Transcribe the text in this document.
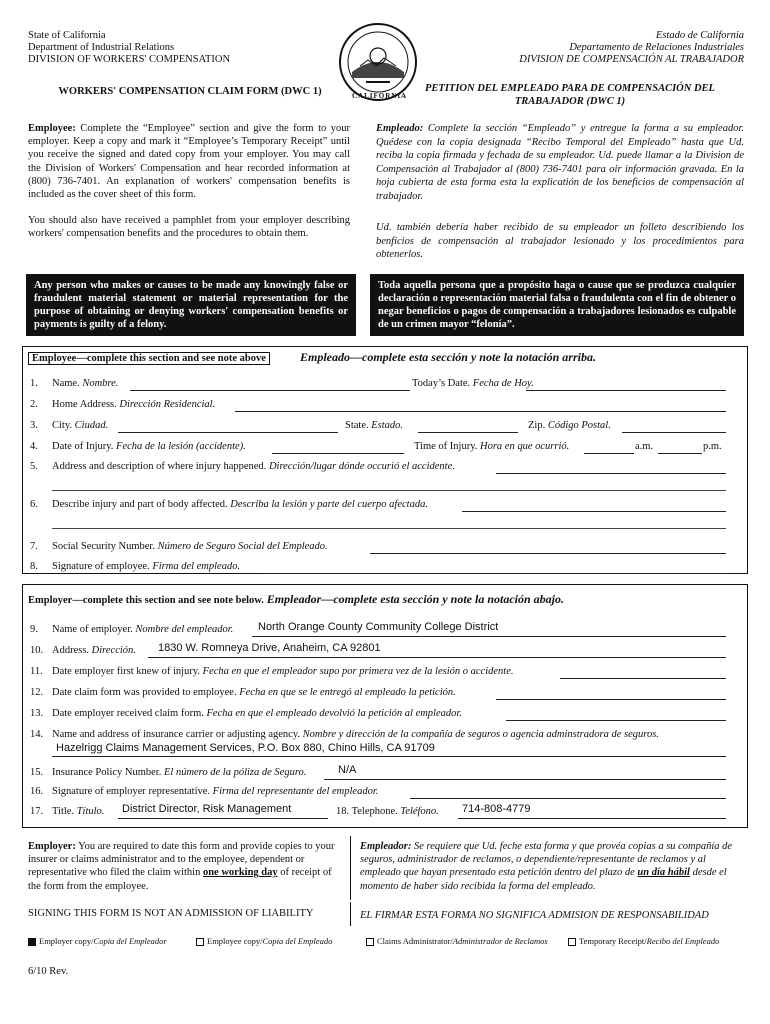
State of California
Department of Industrial Relations
DIVISION OF WORKERS' COMPENSATION
Estado de California
Departamento de Relaciones Industriales
DIVISION DE COMPENSACIÓN AL TRABAJADOR
CALIFORNIA
WORKERS' COMPENSATION CLAIM FORM (DWC 1)	PETITION DEL EMPLEADO PARA DE COMPENSACIÓN DEL TRABAJADOR (DWC 1)
Employee: Complete the “Employee” section and give the form to your employer. Keep a copy and mark it “Employee’s Temporary Receipt” until you receive the signed and dated copy from your employer. You may call the Division of Workers' Compensation and hear recorded information at (800) 736-7401. An explanation of workers' compensation benefits is included as the cover sheet of this form.
You should also have received a pamphlet from your employer describing workers' compensation benefits and the procedures to obtain them.
Empleado: Complete la sección “Empleado” y entregue la forma a su empleador. Quédese con la copia designada “Recibo Temporal del Empleado” hasta que Ud. reciba la copia firmada y fechada de su empleador. Ud. puede llamar a la Division de Compensación al Trabajador al (800) 736-7401 para oir información gravada. En la hoja cubierta de esta forma esta la explicatión de los beneficios de compensación al trabajador.
Ud. también debería haber recibido de su empleador un folleto describiendo los benficios de compensación al trabajador lesionado y los procedimientos para obtenerlos.
Any person who makes or causes to be made any knowingly false or fraudulent material statement or material representation for the purpose of obtaining or denying workers' compensation benefits or payments is guilty of a felony.
Toda aquella persona que a propósito haga o cause que se produzca cualquier declaración o representación material falsa o fraudulenta con el fin de obtener o negar beneficios o pagos de compensación a trabajadores lesionados es culpable de un crimen mayor “felonía”.
Employee—complete this section and see note above	Empleado—complete esta sección y note la notación arriba.
1. Name. Nombre.	Today’s Date. Fecha de Hoy.
2. Home Address. Dirección Residencial.
3. City. Ciudad.	State. Estado.	Zip. Código Postal.
4. Date of Injury. Fecha de la lesión (accidente).	Time of Injury. Hora en que ocurrió.	a.m.	p.m.
5. Address and description of where injury happened. Dirección/lugar dónde occurió el accidente.
6. Describe injury and part of body affected. Describa la lesión y parte del cuerpo afectada.
7. Social Security Number. Número de Seguro Social del Empleado.
8. Signature of employee. Firma del empleado.
Employer—complete this section and see note below. Empleador—complete esta sección y note la notación abajo.
9. Name of employer. Nombre del empleador. North Orange County Community College District
10. Address. Dirección. 1830 W. Romneya Drive, Anaheim, CA 92801
11. Date employer first knew of injury. Fecha en que el empleador supo por primera vez de la lesión o accidente.
12. Date claim form was provided to employee. Fecha en que se le entregó al empleado la petición.
13. Date employer received claim form. Fecha en que el empleado devolvió la petición al empleador.
14. Name and address of insurance carrier or adjusting agency. Nombre y dirección de la compañía de seguros o agencia adminstradora de seguros.
Hazelrigg Claims Management Services, P.O. Box 880, Chino Hills, CA 91709
15. Insurance Policy Number. El número de la póliza de Seguro.	N/A
16. Signature of employer representative. Firma del representante del empleador.
17. Title. Título. District Director, Risk Management	18. Telephone. Teléfono. 714-808-4779
Employer: You are required to date this form and provide copies to your insurer or claims administrator and to the employee, dependent or representative who filed the claim within one working day of receipt of the form from the employee.
Empleador: Se requiere que Ud. feche esta forma y que provéa copias a su compañía de seguros, administrador de reclamos, o dependiente/representante de reclamos y al empleado que hayan presentado esta petición dentro del plazo de un día hábil desde el momento de haber sido recibida la forma del empleado.
SIGNING THIS FORM IS NOT AN ADMISSION OF LIABILITY	EL FIRMAR ESTA FORMA NO SIGNIFICA ADMISION DE RESPONSABILIDAD
Employer copy/Copia del Empleador	Employee copy/Copia del Empleado	Claims Administrator/Administrador de Reclamos	Temporary Receipt/Recibo del Empleado
6/10 Rev.
